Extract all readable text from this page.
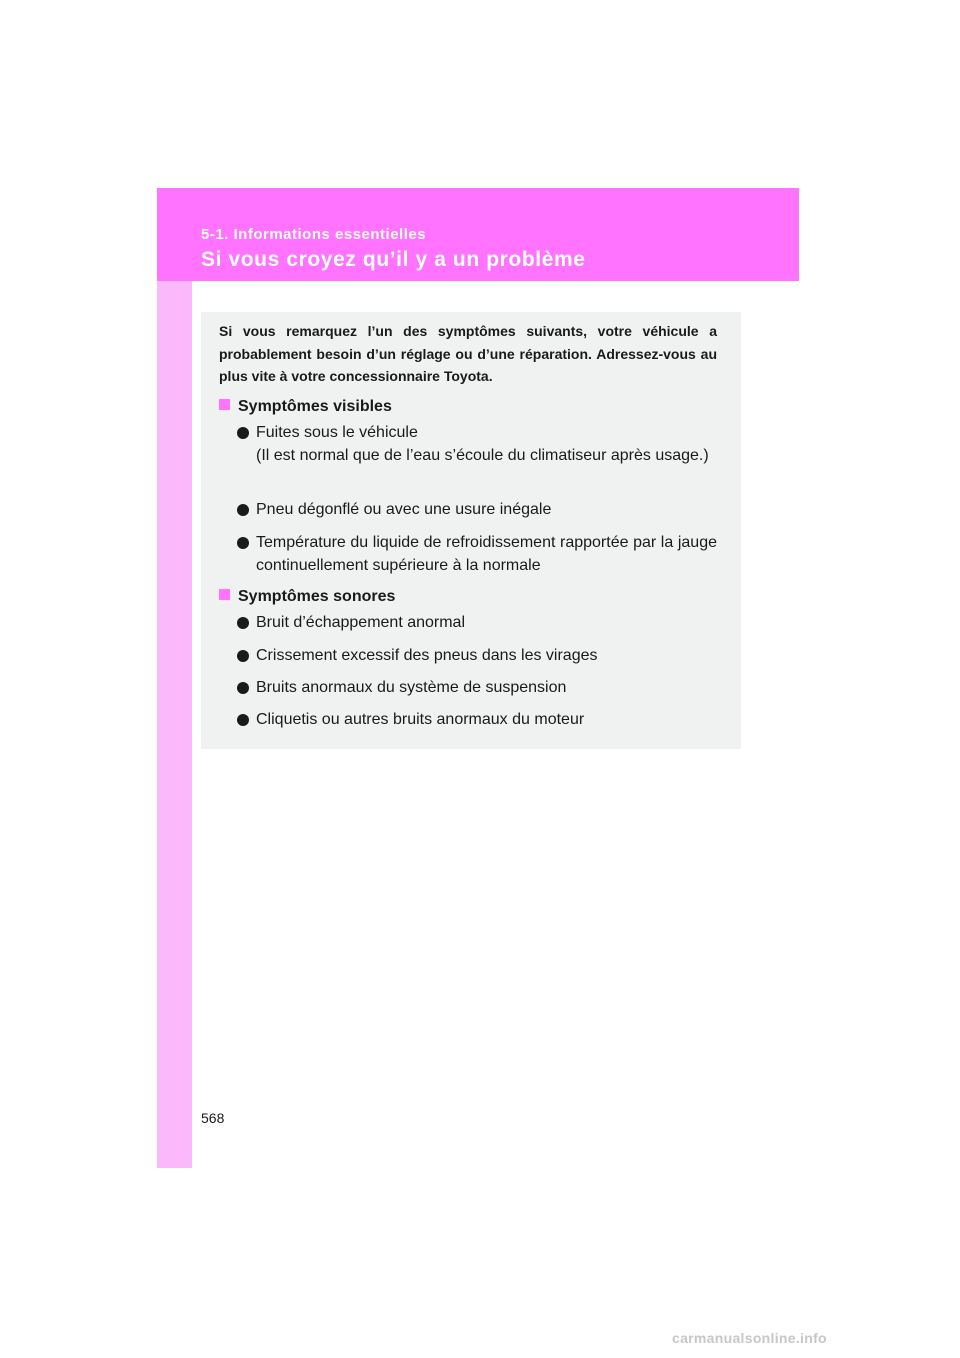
5-1. Informations essentielles
Si vous croyez qu’il y a un problème
Si vous remarquez l’un des symptômes suivants, votre véhicule a probablement besoin d’un réglage ou d’une réparation. Adressez-vous au plus vite à votre concessionnaire Toyota.
Symptômes visibles
Fuites sous le véhicule
(Il est normal que de l’eau s’écoule du climatiseur après usage.)
Pneu dégonflé ou avec une usure inégale
Température du liquide de refroidissement rapportée par la jauge continuellement supérieure à la normale
Symptômes sonores
Bruit d’échappement anormal
Crissement excessif des pneus dans les virages
Bruits anormaux du système de suspension
Cliquetis ou autres bruits anormaux du moteur
568
carmanualsonline.info
